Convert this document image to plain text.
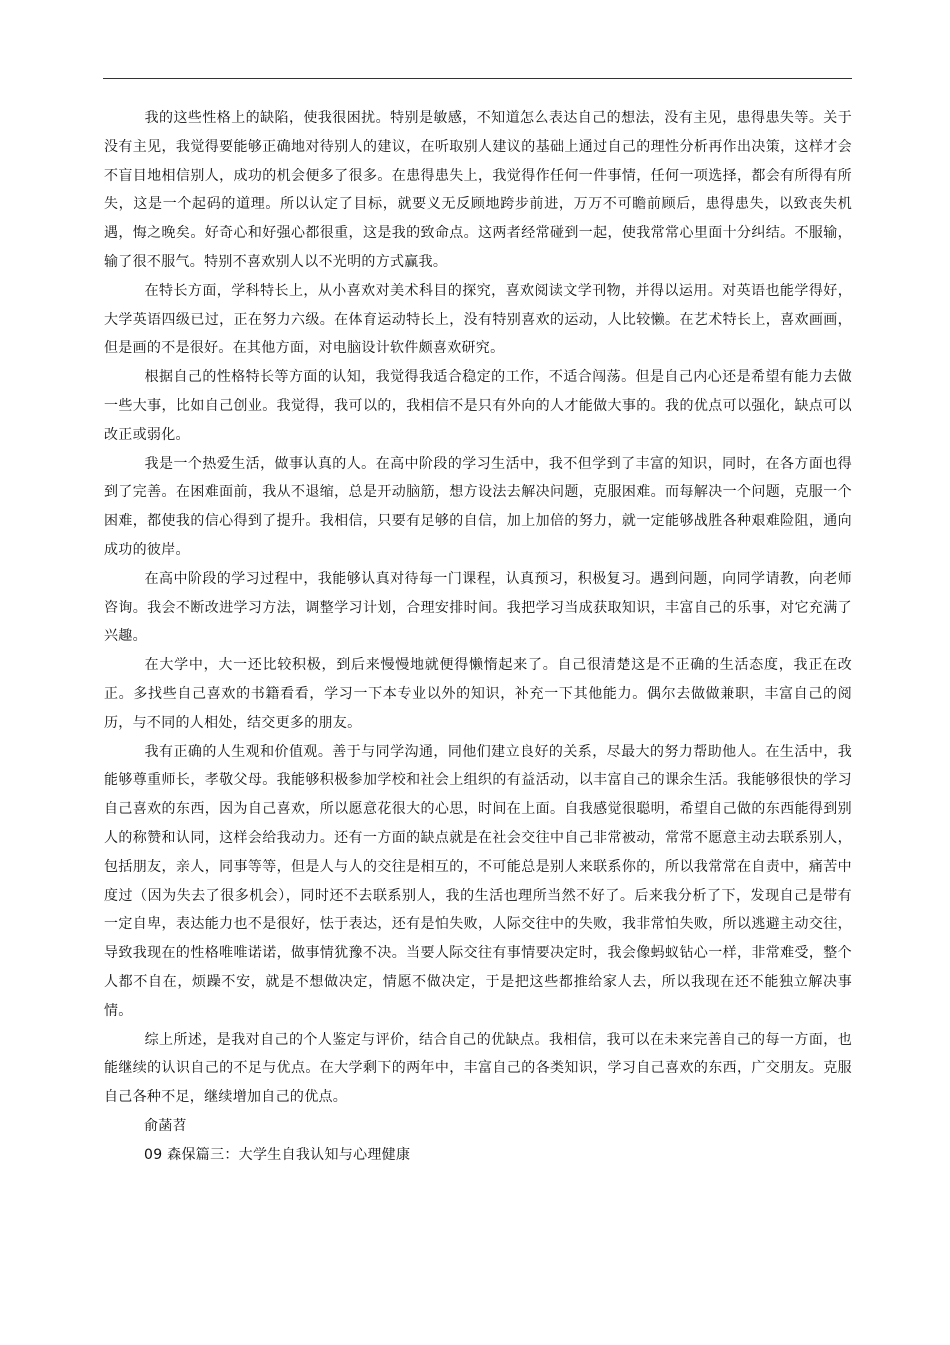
我的这些性格上的缺陷，使我很困扰。特别是敏感，不知道怎么表达自己的想法，没有主见，患得患失等。关于没有主见，我觉得要能够正确地对待别人的建议，在听取别人建议的基础上通过自己的理性分析再作出决策，这样才会不盲目地相信别人，成功的机会便多了很多。在患得患失上，我觉得作任何一件事情，任何一项选择，都会有所得有所失，这是一个起码的道理。所以认定了目标，就要义无反顾地跨步前进，万万不可瞻前顾后，患得患失，以致丧失机遇，悔之晚矣。好奇心和好强心都很重，这是我的致命点。这两者经常碰到一起，使我常常心里面十分纠结。不服输，输了很不服气。特别不喜欢别人以不光明的方式赢我。

在特长方面，学科特长上，从小喜欢对美术科目的探究，喜欢阅读文学刊物，并得以运用。对英语也能学得好，大学英语四级已过，正在努力六级。在体育运动特长上，没有特别喜欢的运动，人比较懒。在艺术特长上，喜欢画画，但是画的不是很好。在其他方面，对电脑设计软件颇喜欢研究。

根据自己的性格特长等方面的认知，我觉得我适合稳定的工作，不适合闯荡。但是自己内心还是希望有能力去做一些大事，比如自己创业。我觉得，我可以的，我相信不是只有外向的人才能做大事的。我的优点可以强化，缺点可以改正或弱化。

我是一个热爱生活，做事认真的人。在高中阶段的学习生活中，我不但学到了丰富的知识，同时，在各方面也得到了完善。在困难面前，我从不退缩，总是开动脑筋，想方设法去解决问题，克服困难。而每解决一个问题，克服一个困难，都使我的信心得到了提升。我相信，只要有足够的自信，加上加倍的努力，就一定能够战胜各种艰难险阻，通向成功的彼岸。

在高中阶段的学习过程中，我能够认真对待每一门课程，认真预习，积极复习。遇到问题，向同学请教，向老师咨询。我会不断改进学习方法，调整学习计划，合理安排时间。我把学习当成获取知识，丰富自己的乐事，对它充满了兴趣。

在大学中，大一还比较积极，到后来慢慢地就便得懒惰起来了。自己很清楚这是不正确的生活态度，我正在改正。多找些自己喜欢的书籍看看，学习一下本专业以外的知识，补充一下其他能力。偶尔去做做兼职，丰富自己的阅历，与不同的人相处，结交更多的朋友。

我有正确的人生观和价值观。善于与同学沟通，同他们建立良好的关系，尽最大的努力帮助他人。在生活中，我能够尊重师长，孝敬父母。我能够积极参加学校和社会上组织的有益活动，以丰富自己的课余生活。我能够很快的学习自己喜欢的东西，因为自己喜欢，所以愿意花很大的心思，时间在上面。自我感觉很聪明，希望自己做的东西能得到别人的称赞和认同，这样会给我动力。还有一方面的缺点就是在社会交往中自己非常被动，常常不愿意主动去联系别人，包括朋友，亲人，同事等等，但是人与人的交往是相互的，不可能总是别人来联系你的，所以我常常在自责中，痛苦中度过（因为失去了很多机会），同时还不去联系别人，我的生活也理所当然不好了。后来我分析了下，发现自己是带有一定自卑，表达能力也不是很好，怯于表达，还有是怕失败，人际交往中的失败，我非常怕失败，所以逃避主动交往，导致我现在的性格唯唯诺诺，做事情犹豫不决。当要人际交往有事情要决定时，我会像蚂蚁钻心一样，非常难受，整个人都不自在，烦躁不安，就是不想做决定，情愿不做决定，于是把这些都推给家人去，所以我现在还不能独立解决事情。

综上所述，是我对自己的个人鉴定与评价，结合自己的优缺点。我相信，我可以在未来完善自己的每一方面，也能继续的认识自己的不足与优点。在大学剩下的两年中，丰富自己的各类知识，学习自己喜欢的东西，广交朋友。克服自己各种不足，继续增加自己的优点。

俞菡苕

09 森保篇三：大学生自我认知与心理健康
